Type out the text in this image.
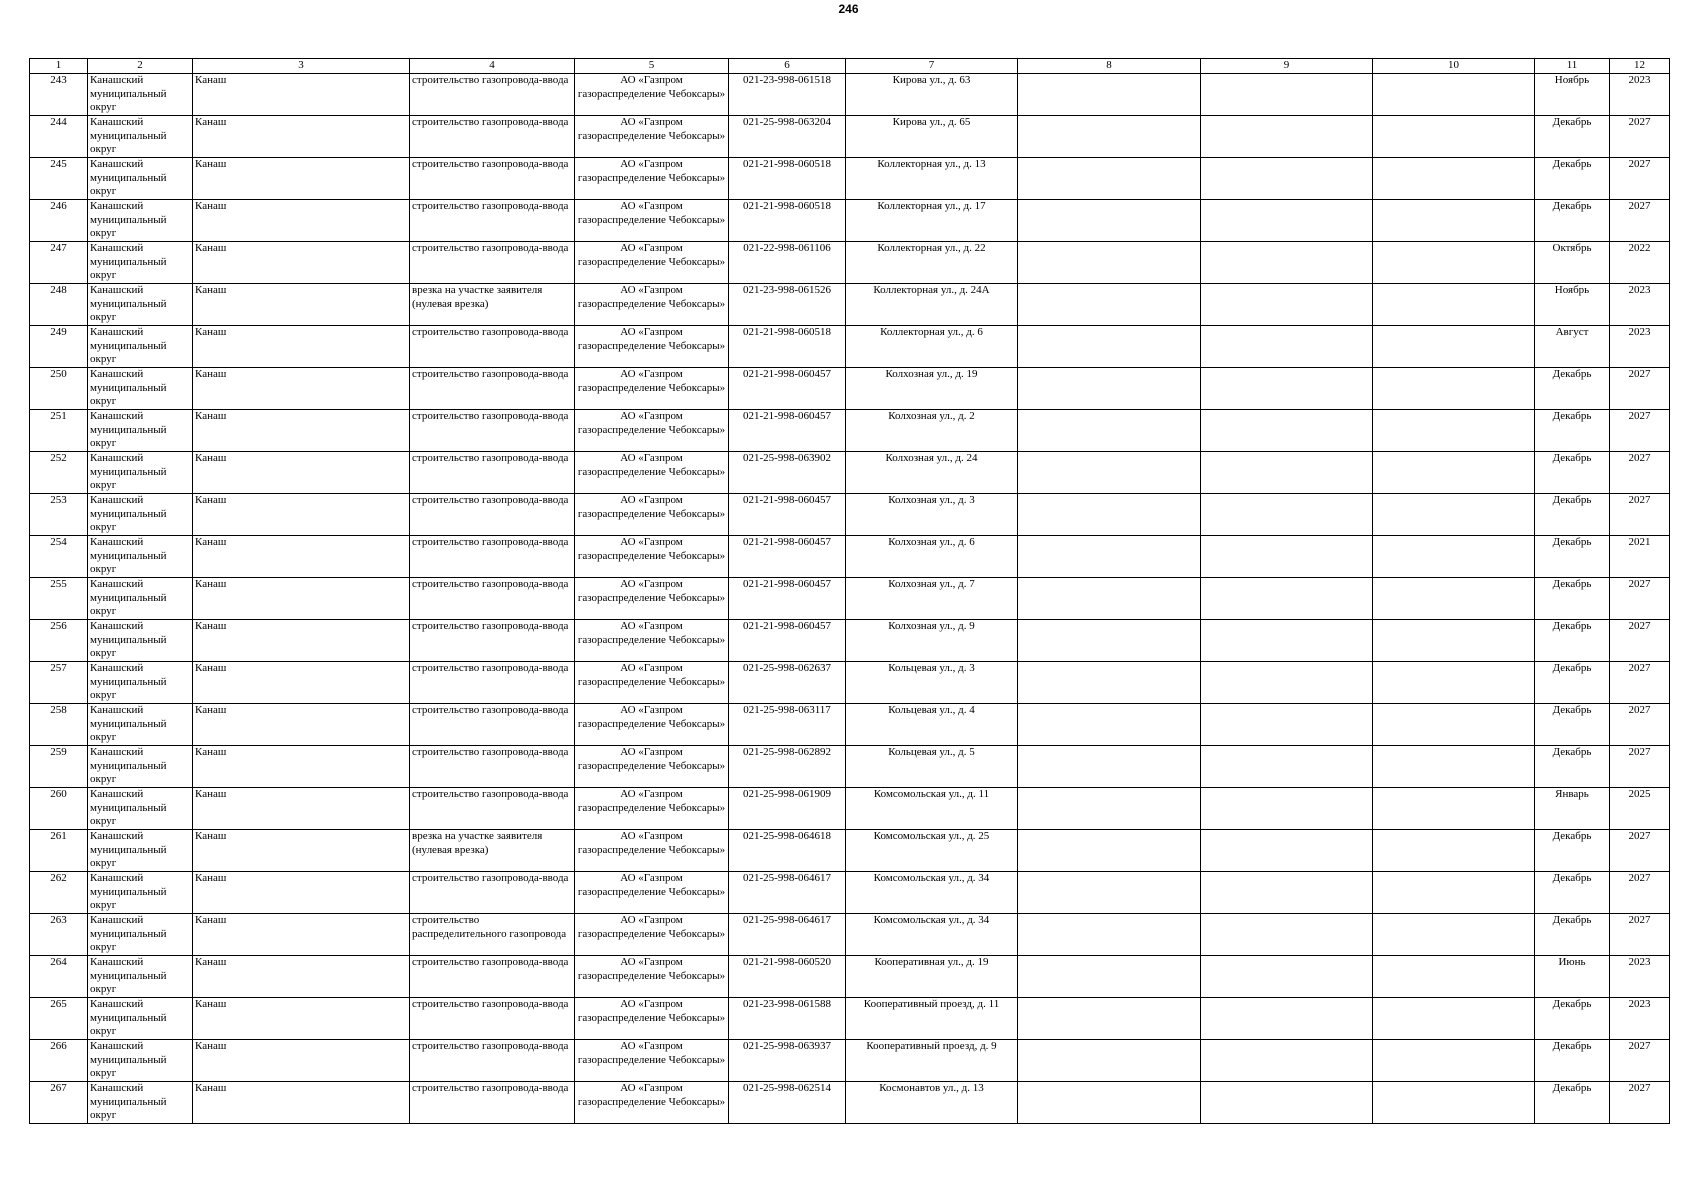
246
1	2	3	4	5	6	7	8	9	10	11	12

243	Канашский муниципальный округ	Канаш	строительство газопровода-ввода	АО «Газпром газораспределение Чебоксары»	021-23-998-061518	Кирова ул., д. 63				Ноябрь	2023

244	Канашский муниципальный округ	Канаш	строительство газопровода-ввода	АО «Газпром газораспределение Чебоксары»	021-25-998-063204	Кирова ул., д. 65				Декабрь	2027

245	Канашский муниципальный округ	Канаш	строительство газопровода-ввода	АО «Газпром газораспределение Чебоксары»	021-21-998-060518	Коллекторная ул., д. 13				Декабрь	2027

246	Канашский муниципальный округ	Канаш	строительство газопровода-ввода	АО «Газпром газораспределение Чебоксары»	021-21-998-060518	Коллекторная ул., д. 17				Декабрь	2027

247	Канашский муниципальный округ	Канаш	строительство газопровода-ввода	АО «Газпром газораспределение Чебоксары»	021-22-998-061106	Коллекторная ул., д. 22				Октябрь	2022

248	Канашский муниципальный округ	Канаш	врезка на участке заявителя (нулевая врезка)	АО «Газпром газораспределение Чебоксары»	021-23-998-061526	Коллекторная ул., д. 24А				Ноябрь	2023

249	Канашский муниципальный округ	Канаш	строительство газопровода-ввода	АО «Газпром газораспределение Чебоксары»	021-21-998-060518	Коллекторная ул., д. 6				Август	2023

250	Канашский муниципальный округ	Канаш	строительство газопровода-ввода	АО «Газпром газораспределение Чебоксары»	021-21-998-060457	Колхозная ул., д. 19				Декабрь	2027

251	Канашский муниципальный округ	Канаш	строительство газопровода-ввода	АО «Газпром газораспределение Чебоксары»	021-21-998-060457	Колхозная ул., д. 2				Декабрь	2027

252	Канашский муниципальный округ	Канаш	строительство газопровода-ввода	АО «Газпром газораспределение Чебоксары»	021-25-998-063902	Колхозная ул., д. 24				Декабрь	2027

253	Канашский муниципальный округ	Канаш	строительство газопровода-ввода	АО «Газпром газораспределение Чебоксары»	021-21-998-060457	Колхозная ул., д. 3				Декабрь	2027

254	Канашский муниципальный округ	Канаш	строительство газопровода-ввода	АО «Газпром газораспределение Чебоксары»	021-21-998-060457	Колхозная ул., д. 6				Декабрь	2021

255	Канашский муниципальный округ	Канаш	строительство газопровода-ввода	АО «Газпром газораспределение Чебоксары»	021-21-998-060457	Колхозная ул., д. 7				Декабрь	2027

256	Канашский муниципальный округ	Канаш	строительство газопровода-ввода	АО «Газпром газораспределение Чебоксары»	021-21-998-060457	Колхозная ул., д. 9				Декабрь	2027

257	Канашский муниципальный округ	Канаш	строительство газопровода-ввода	АО «Газпром газораспределение Чебоксары»	021-25-998-062637	Кольцевая ул., д. 3				Декабрь	2027

258	Канашский муниципальный округ	Канаш	строительство газопровода-ввода	АО «Газпром газораспределение Чебоксары»	021-25-998-063117	Кольцевая ул., д. 4				Декабрь	2027

259	Канашский муниципальный округ	Канаш	строительство газопровода-ввода	АО «Газпром газораспределение Чебоксары»	021-25-998-062892	Кольцевая ул., д. 5				Декабрь	2027

260	Канашский муниципальный округ	Канаш	строительство газопровода-ввода	АО «Газпром газораспределение Чебоксары»	021-25-998-061909	Комсомольская ул., д. 11				Январь	2025

261	Канашский муниципальный округ	Канаш	врезка на участке заявителя (нулевая врезка)	АО «Газпром газораспределение Чебоксары»	021-25-998-064618	Комсомольская ул., д. 25				Декабрь	2027

262	Канашский муниципальный округ	Канаш	строительство газопровода-ввода	АО «Газпром газораспределение Чебоксары»	021-25-998-064617	Комсомольская ул., д. 34				Декабрь	2027

263	Канашский муниципальный округ	Канаш	строительство распределительного газопровода	АО «Газпром газораспределение Чебоксары»	021-25-998-064617	Комсомольская ул., д. 34				Декабрь	2027

264	Канашский муниципальный округ	Канаш	строительство газопровода-ввода	АО «Газпром газораспределение Чебоксары»	021-21-998-060520	Кооперативная ул., д. 19				Июнь	2023

265	Канашский муниципальный округ	Канаш	строительство газопровода-ввода	АО «Газпром газораспределение Чебоксары»	021-23-998-061588	Кооперативный проезд, д. 11				Декабрь	2023

266	Канашский муниципальный округ	Канаш	строительство газопровода-ввода	АО «Газпром газораспределение Чебоксары»	021-25-998-063937	Кооперативный проезд, д. 9				Декабрь	2027

267	Канашский муниципальный округ	Канаш	строительство газопровода-ввода	АО «Газпром газораспределение Чебоксары»	021-25-998-062514	Космонавтов ул., д. 13				Декабрь	2027
